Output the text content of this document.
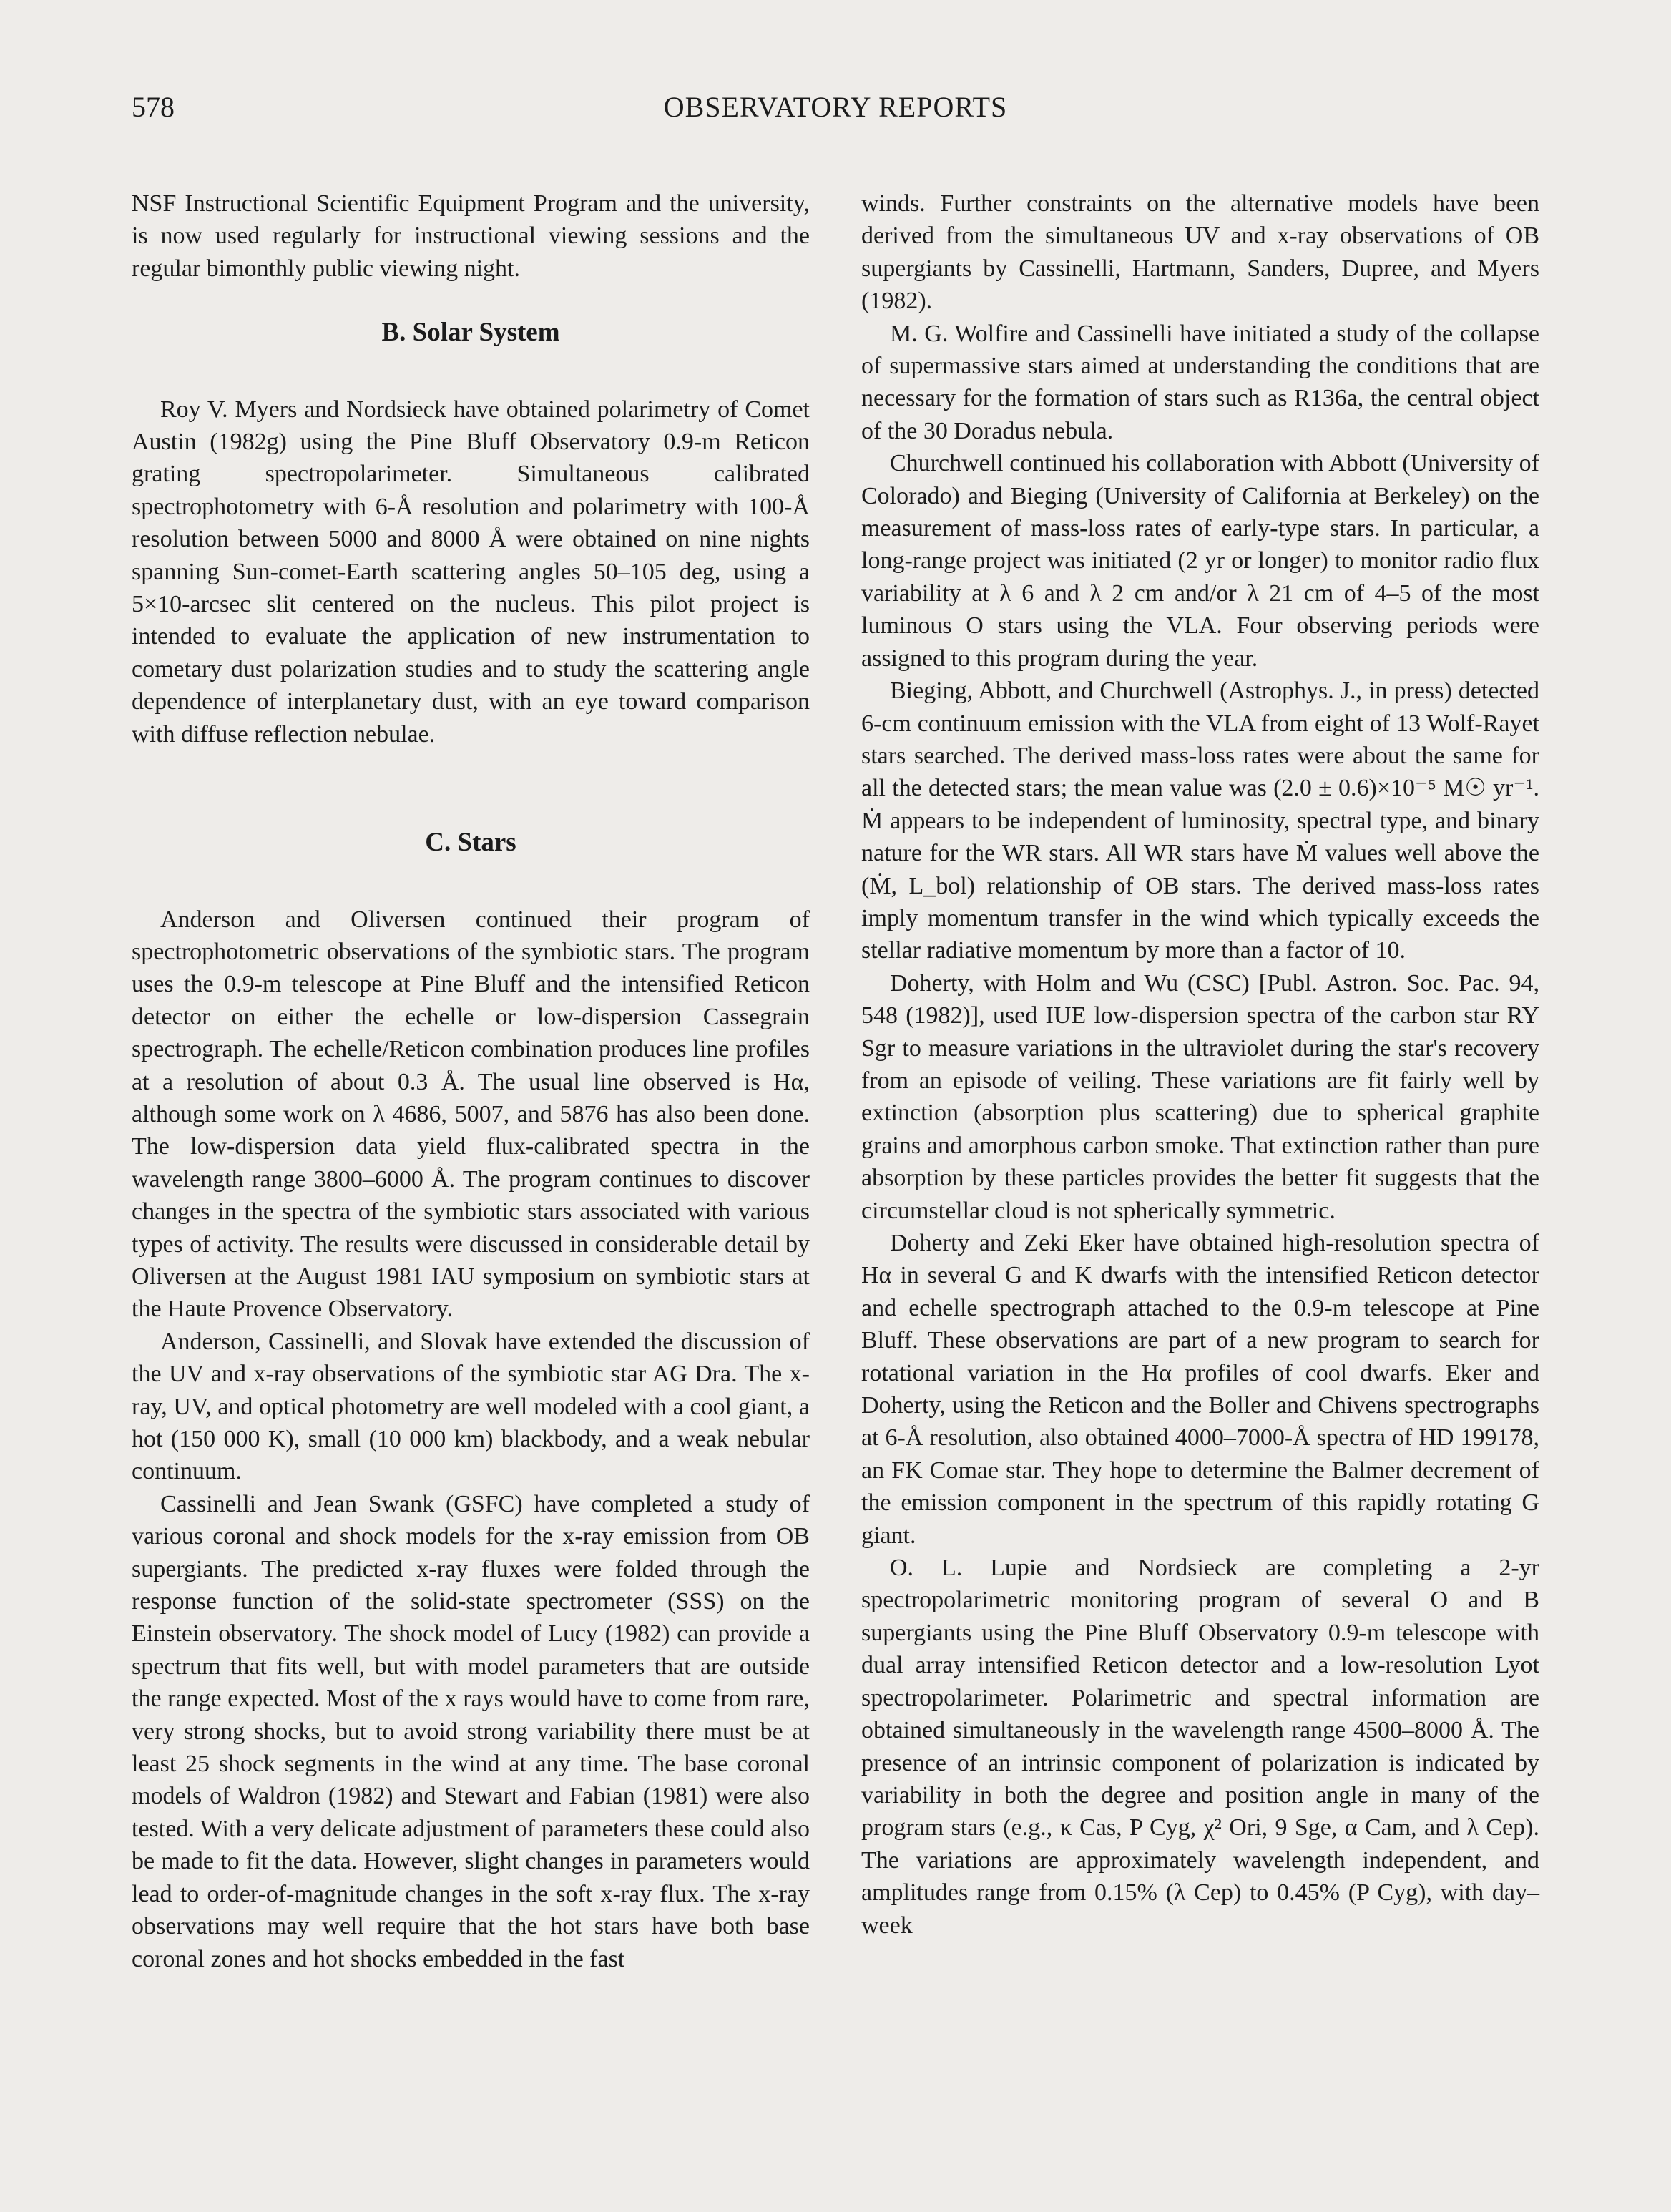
578	OBSERVATORY REPORTS

NSF Instructional Scientific Equipment Program and the university, is now used regularly for instructional viewing sessions and the regular bimonthly public viewing night.

B. Solar System

Roy V. Myers and Nordsieck have obtained polarimetry of Comet Austin (1982g) using the Pine Bluff Observatory 0.9-m Reticon grating spectropolarimeter. Simultaneous calibrated spectrophotometry with 6-Å resolution and polarimetry with 100-Å resolution between 5000 and 8000 Å were obtained on nine nights spanning Sun-comet-Earth scattering angles 50–105 deg, using a 5×10-arcsec slit centered on the nucleus. This pilot project is intended to evaluate the application of new instrumentation to cometary dust polarization studies and to study the scattering angle dependence of interplanetary dust, with an eye toward comparison with diffuse reflection nebulae.

C. Stars

Anderson and Oliversen continued their program of spectrophotometric observations of the symbiotic stars. The program uses the 0.9-m telescope at Pine Bluff and the intensified Reticon detector on either the echelle or low-dispersion Cassegrain spectrograph. The echelle/Reticon combination produces line profiles at a resolution of about 0.3 Å. The usual line observed is Hα, although some work on λ 4686, 5007, and 5876 has also been done. The low-dispersion data yield flux-calibrated spectra in the wavelength range 3800–6000 Å. The program continues to discover changes in the spectra of the symbiotic stars associated with various types of activity. The results were discussed in considerable detail by Oliversen at the August 1981 IAU symposium on symbiotic stars at the Haute Provence Observatory.

Anderson, Cassinelli, and Slovak have extended the discussion of the UV and x-ray observations of the symbiotic star AG Dra. The x-ray, UV, and optical photometry are well modeled with a cool giant, a hot (150 000 K), small (10 000 km) blackbody, and a weak nebular continuum.

Cassinelli and Jean Swank (GSFC) have completed a study of various coronal and shock models for the x-ray emission from OB supergiants. The predicted x-ray fluxes were folded through the response function of the solid-state spectrometer (SSS) on the Einstein observatory. The shock model of Lucy (1982) can provide a spectrum that fits well, but with model parameters that are outside the range expected. Most of the x rays would have to come from rare, very strong shocks, but to avoid strong variability there must be at least 25 shock segments in the wind at any time. The base coronal models of Waldron (1982) and Stewart and Fabian (1981) were also tested. With a very delicate adjustment of parameters these could also be made to fit the data. However, slight changes in parameters would lead to order-of-magnitude changes in the soft x-ray flux. The x-ray observations may well require that the hot stars have both base coronal zones and hot shocks embedded in the fast

winds. Further constraints on the alternative models have been derived from the simultaneous UV and x-ray observations of OB supergiants by Cassinelli, Hartmann, Sanders, Dupree, and Myers (1982).

M. G. Wolfire and Cassinelli have initiated a study of the collapse of supermassive stars aimed at understanding the conditions that are necessary for the formation of stars such as R136a, the central object of the 30 Doradus nebula.

Churchwell continued his collaboration with Abbott (University of Colorado) and Bieging (University of California at Berkeley) on the measurement of mass-loss rates of early-type stars. In particular, a long-range project was initiated (2 yr or longer) to monitor radio flux variability at λ 6 and λ 2 cm and/or λ 21 cm of 4–5 of the most luminous O stars using the VLA. Four observing periods were assigned to this program during the year.

Bieging, Abbott, and Churchwell (Astrophys. J., in press) detected 6-cm continuum emission with the VLA from eight of 13 Wolf-Rayet stars searched. The derived mass-loss rates were about the same for all the detected stars; the mean value was (2.0 ± 0.6)×10⁻⁵ M☉ yr⁻¹. Ṁ appears to be independent of luminosity, spectral type, and binary nature for the WR stars. All WR stars have Ṁ values well above the (Ṁ, L_bol) relationship of OB stars. The derived mass-loss rates imply momentum transfer in the wind which typically exceeds the stellar radiative momentum by more than a factor of 10.

Doherty, with Holm and Wu (CSC) [Publ. Astron. Soc. Pac. 94, 548 (1982)], used IUE low-dispersion spectra of the carbon star RY Sgr to measure variations in the ultraviolet during the star's recovery from an episode of veiling. These variations are fit fairly well by extinction (absorption plus scattering) due to spherical graphite grains and amorphous carbon smoke. That extinction rather than pure absorption by these particles provides the better fit suggests that the circumstellar cloud is not spherically symmetric.

Doherty and Zeki Eker have obtained high-resolution spectra of Hα in several G and K dwarfs with the intensified Reticon detector and echelle spectrograph attached to the 0.9-m telescope at Pine Bluff. These observations are part of a new program to search for rotational variation in the Hα profiles of cool dwarfs. Eker and Doherty, using the Reticon and the Boller and Chivens spectrographs at 6-Å resolution, also obtained 4000–7000-Å spectra of HD 199178, an FK Comae star. They hope to determine the Balmer decrement of the emission component in the spectrum of this rapidly rotating G giant.

O. L. Lupie and Nordsieck are completing a 2-yr spectropolarimetric monitoring program of several O and B supergiants using the Pine Bluff Observatory 0.9-m telescope with dual array intensified Reticon detector and a low-resolution Lyot spectropolarimeter. Polarimetric and spectral information are obtained simultaneously in the wavelength range 4500–8000 Å. The presence of an intrinsic component of polarization is indicated by variability in both the degree and position angle in many of the program stars (e.g., κ Cas, P Cyg, χ² Ori, 9 Sge, α Cam, and λ Cep). The variations are approximately wavelength independent, and amplitudes range from 0.15% (λ Cep) to 0.45% (P Cyg), with day–week
